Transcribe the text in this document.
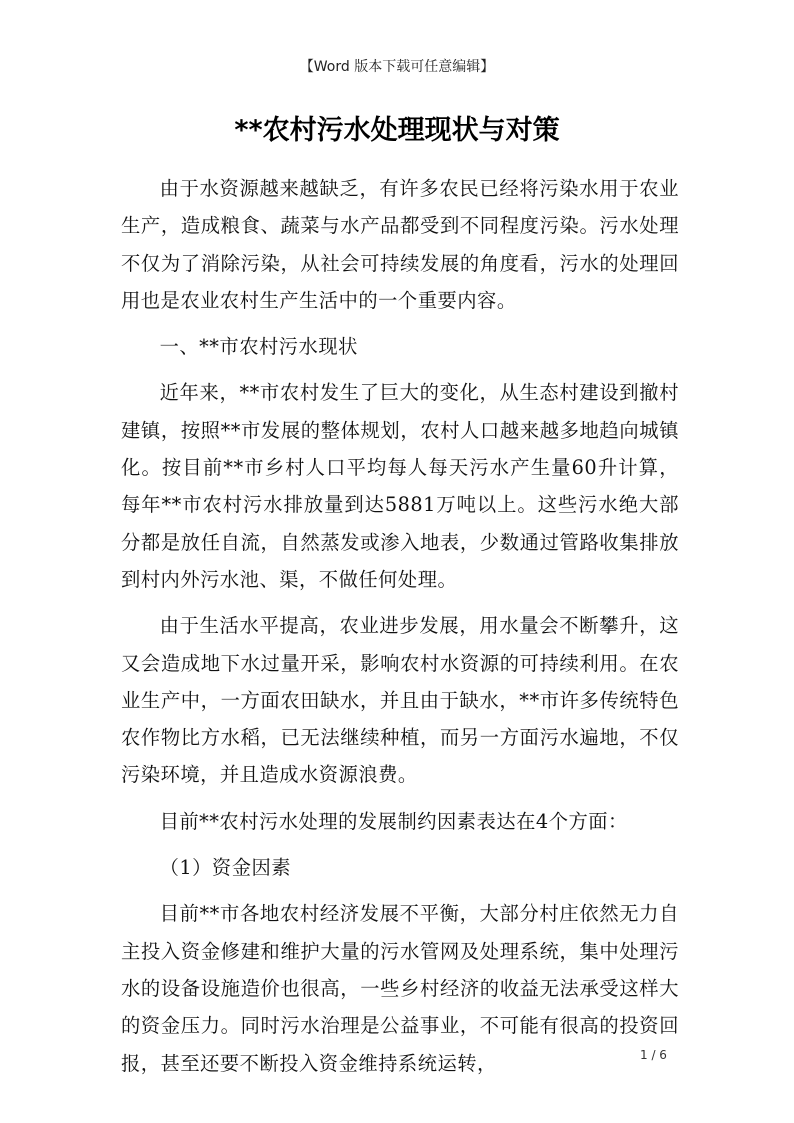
【Word 版本下载可任意编辑】
**农村污水处理现状与对策

由于水资源越来越缺乏，有许多农民已经将污染水用于农业生产，造成粮食、蔬菜与水产品都受到不同程度污染。污水处理不仅为了消除污染，从社会可持续发展的角度看，污水的处理回用也是农业农村生产生活中的一个重要内容。

一、**市农村污水现状

近年来，**市农村发生了巨大的变化，从生态村建设到撤村建镇，按照**市发展的整体规划，农村人口越来越多地趋向城镇化。按目前**市乡村人口平均每人每天污水产生量60升计算，每年**市农村污水排放量到达5881万吨以上。这些污水绝大部分都是放任自流，自然蒸发或渗入地表，少数通过管路收集排放到村内外污水池、渠，不做任何处理。

由于生活水平提高，农业进步发展，用水量会不断攀升，这又会造成地下水过量开采，影响农村水资源的可持续利用。在农业生产中，一方面农田缺水，并且由于缺水，**市许多传统特色农作物比方水稻，已无法继续种植，而另一方面污水遍地，不仅污染环境，并且造成水资源浪费。

目前**农村污水处理的发展制约因素表达在4个方面：

（1）资金因素

目前**市各地农村经济发展不平衡，大部分村庄依然无力自主投入资金修建和维护大量的污水管网及处理系统，集中处理污水的设备设施造价也很高，一些乡村经济的收益无法承受这样大的资金压力。同时污水治理是公益事业，不可能有很高的投资回报，甚至还要不断投入资金维持系统运转，	1 / 6
